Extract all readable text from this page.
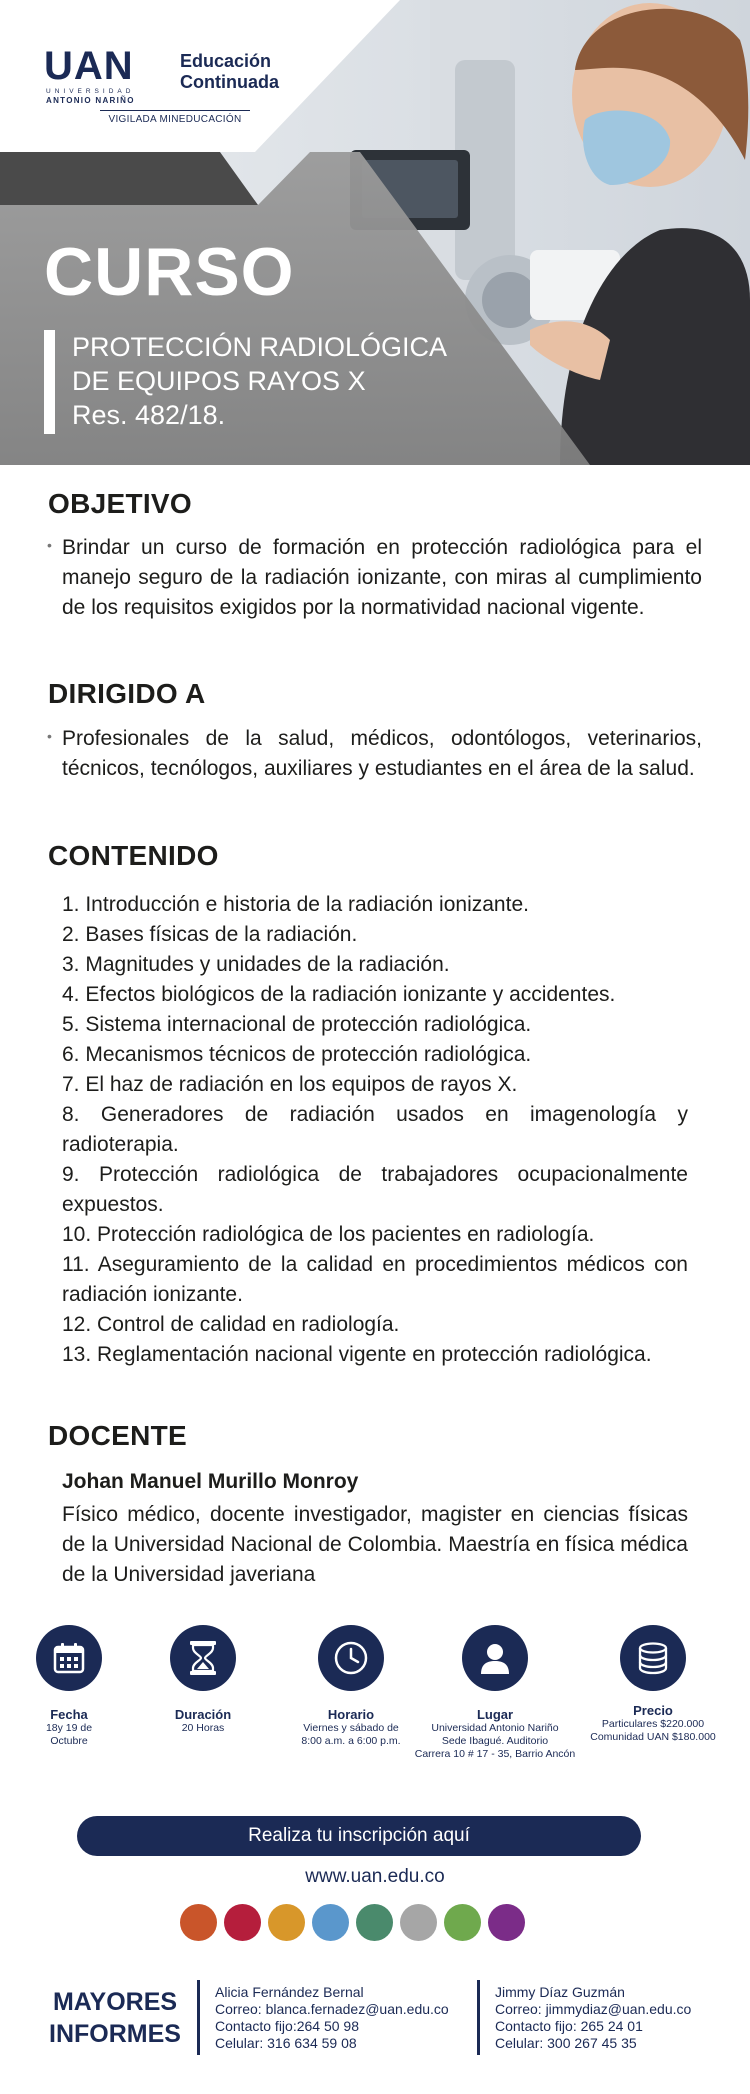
UAN
UNIVERSIDAD
ANTONIO NARIÑO
Educación
Continuada
VIGILADA MINEDUCACIÓN
CURSO
PROTECCIÓN RADIOLÓGICA
DE EQUIPOS RAYOS X
Res. 482/18.
OBJETIVO
• Brindar un curso de formación en protección radiológica para el manejo seguro de la radiación ionizante, con miras al cumplimiento de los requisitos exigidos por la normatividad nacional vigente.
DIRIGIDO A
• Profesionales de la salud, médicos, odontólogos, veterinarios, técnicos, tecnólogos, auxiliares y estudiantes en el área de la salud.
CONTENIDO
1. Introducción e historia de la radiación ionizante.
2. Bases físicas de la radiación.
3. Magnitudes y unidades de la radiación.
4. Efectos biológicos de la radiación ionizante y accidentes.
5. Sistema internacional de protección radiológica.
6. Mecanismos técnicos de protección radiológica.
7. El haz de radiación en los equipos de rayos X.
8. Generadores de radiación usados en imagenología y radioterapia.
9. Protección radiológica de trabajadores ocupacionalmente expuestos.
10. Protección radiológica de los pacientes en radiología.
11. Aseguramiento de la calidad en procedimientos médicos con radiación ionizante.
12. Control de calidad en radiología.
13. Reglamentación nacional vigente en protección radiológica.
DOCENTE
Johan Manuel Murillo Monroy
Físico médico, docente investigador, magister en ciencias físicas de la Universidad Nacional de Colombia. Maestría en física médica de la Universidad javeriana
Fecha
18y 19 de
Octubre
Duración
20 Horas
Horario
Viernes y sábado de
8:00 a.m. a 6:00 p.m.
Lugar
Universidad Antonio Nariño
Sede Ibagué. Auditorio
Carrera 10 # 17 - 35, Barrio Ancón
Precio
Particulares $220.000
Comunidad UAN $180.000
Realiza tu inscripción aquí
www.uan.edu.co
MAYORES
INFORMES
Alicia Fernández Bernal
Correo: blanca.fernadez@uan.edu.co
Contacto fijo:264 50 98
Celular: 316 634 59 08
Jimmy Díaz Guzmán
Correo: jimmydiaz@uan.edu.co
Contacto fijo: 265 24 01
Celular: 300 267 45 35
